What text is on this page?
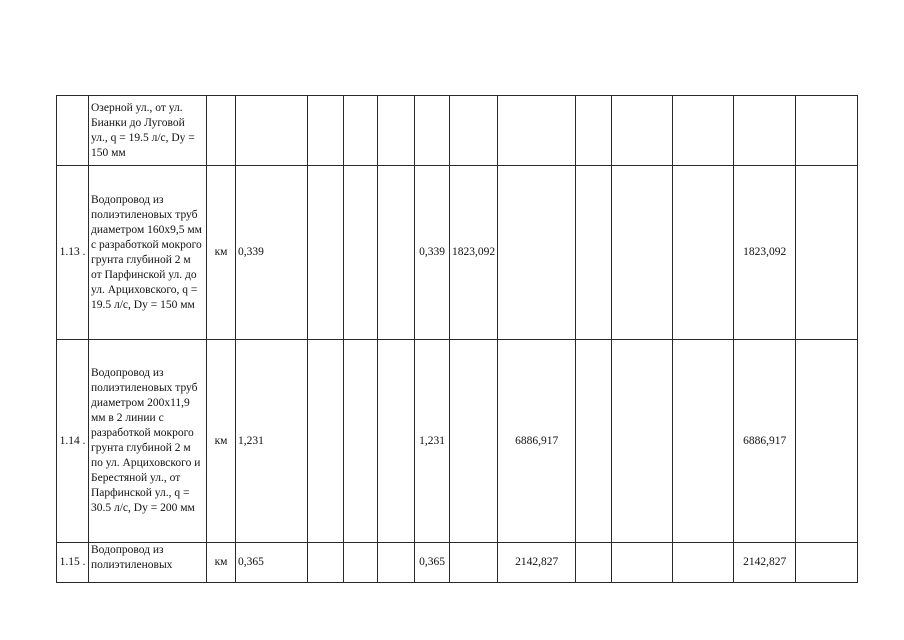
	Озерной ул., от ул. Бианки до Луговой ул., q = 19.5 л/с, Dy = 150 мм													
1.13 .	Водопровод из полиэтиленовых труб диаметром 160х9,5 мм с разработкой мокрого грунта глубиной 2 м от Парфинской ул. до ул. Арциховского, q = 19.5 л/с, Dy = 150 мм	км	0,339				0,339	1823,092					1823,092	
1.14 .	Водопровод из полиэтиленовых труб диаметром 200х11,9 мм в 2 линии с разработкой мокрого грунта глубиной 2 м по ул. Арциховского и Берестяной ул., от Парфинской ул., q = 30.5 л/с, Dy = 200 мм	км	1,231				1,231		6886,917				6886,917	
1.15 .	Водопровод из полиэтиленовых	км	0,365				0,365		2142,827				2142,827	
